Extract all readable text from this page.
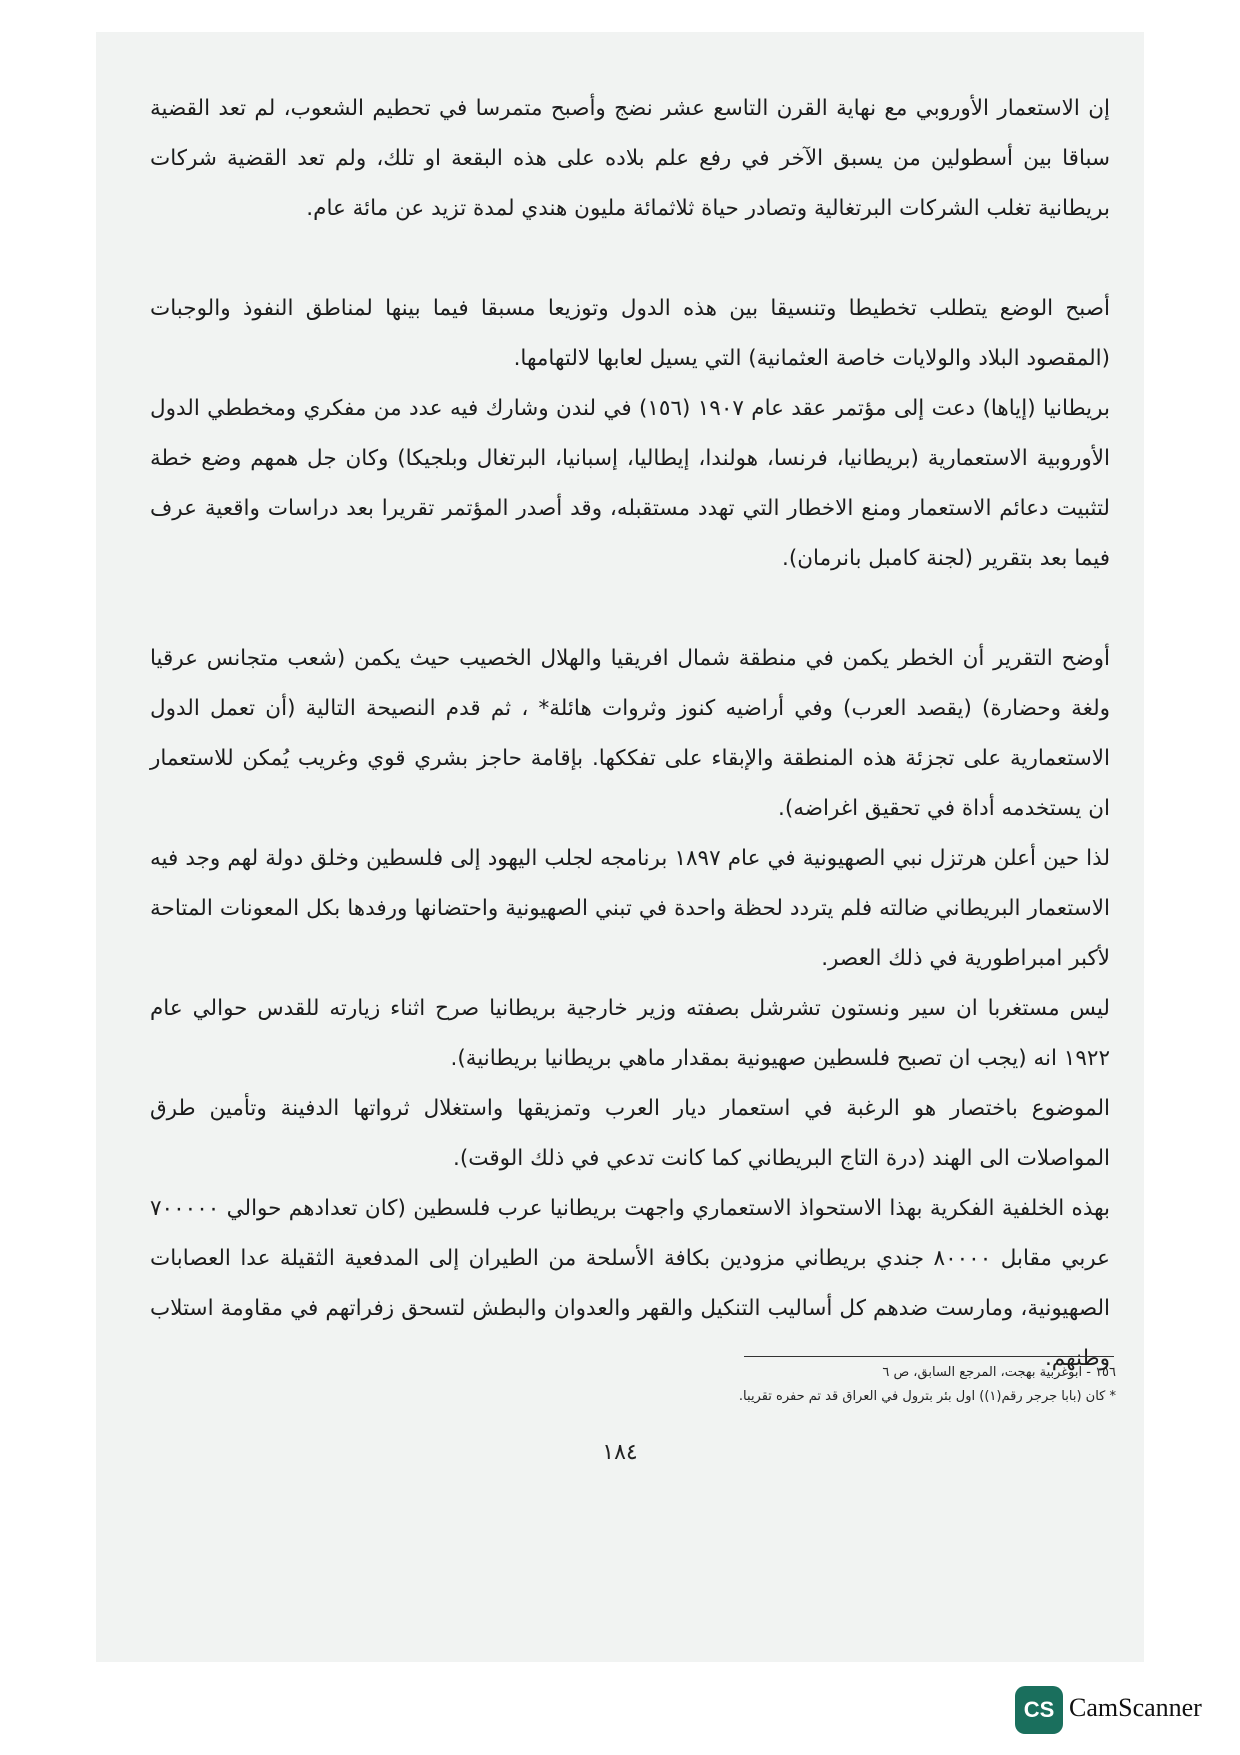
إن الاستعمار الأوروبي مع نهاية القرن التاسع عشر نضج وأصبح متمرسا في تحطيم الشعوب، لم تعد القضية سباقا بين أسطولين من يسبق الآخر في رفع علم بلاده على هذه البقعة او تلك، ولم تعد القضية شركات بريطانية تغلب الشركات البرتغالية وتصادر حياة ثلاثمائة مليون هندي لمدة تزيد عن مائة عام.

أصبح الوضع يتطلب تخطيطا وتنسيقا بين هذه الدول وتوزيعا مسبقا فيما بينها لمناطق النفوذ والوجبات (المقصود البلاد والولايات خاصة العثمانية) التي يسيل لعابها لالتهامها.

بريطانيا (إياها) دعت إلى مؤتمر عقد عام ١٩٠٧ (١٥٦) في لندن وشارك فيه عدد من مفكري ومخططي الدول الأوروبية الاستعمارية (بريطانيا، فرنسا، هولندا، إيطاليا، إسبانيا، البرتغال وبلجيكا) وكان جل همهم وضع خطة لتثبيت دعائم الاستعمار ومنع الاخطار التي تهدد مستقبله، وقد أصدر المؤتمر تقريرا بعد دراسات واقعية عرف فيما بعد بتقرير (لجنة كامبل بانرمان).

أوضح التقرير أن الخطر يكمن في منطقة شمال افريقيا والهلال الخصيب حيث يكمن (شعب متجانس عرقيا ولغة وحضارة) (يقصد العرب) وفي أراضيه كنوز وثروات هائلة* ، ثم قدم النصيحة التالية (أن تعمل الدول الاستعمارية على تجزئة هذه المنطقة والإبقاء على تفككها. بإقامة حاجز بشري قوي وغريب يُمكن للاستعمار ان يستخدمه أداة في تحقيق اغراضه).

لذا حين أعلن هرتزل نبي الصهيونية في عام ١٨٩٧ برنامجه لجلب اليهود إلى فلسطين وخلق دولة لهم وجد فيه الاستعمار البريطاني ضالته فلم يتردد لحظة واحدة في تبني الصهيونية واحتضانها ورفدها بكل المعونات المتاحة لأكبر امبراطورية في ذلك العصر.

ليس مستغربا ان سير ونستون تشرشل بصفته وزير خارجية بريطانيا صرح اثناء زيارته للقدس حوالي عام ١٩٢٢ انه (يجب ان تصبح فلسطين صهيونية بمقدار ماهي بريطانيا بريطانية).

الموضوع باختصار هو الرغبة في استعمار ديار العرب وتمزيقها واستغلال ثرواتها الدفينة وتأمين طرق المواصلات الى الهند (درة التاج البريطاني كما كانت تدعي في ذلك الوقت).

بهذه الخلفية الفكرية بهذا الاستحواذ الاستعماري واجهت بريطانيا عرب فلسطين (كان تعدادهم حوالي ٧٠٠٠٠٠ عربي مقابل ٨٠٠٠٠ جندي بريطاني مزودين بكافة الأسلحة من الطيران إلى المدفعية الثقيلة عدا العصابات الصهيونية، ومارست ضدهم كل أساليب التنكيل والقهر والعدوان والبطش لتسحق زفراتهم في مقاومة استلاب وطنهم.

١٥٦ - ابوغربية بهجت، المرجع السابق، ص ٦
* كان (بابا جرجر رقم(١)) اول بئر بترول في العراق قد تم حفره تقريبا.
١٨٤
CS CamScanner
